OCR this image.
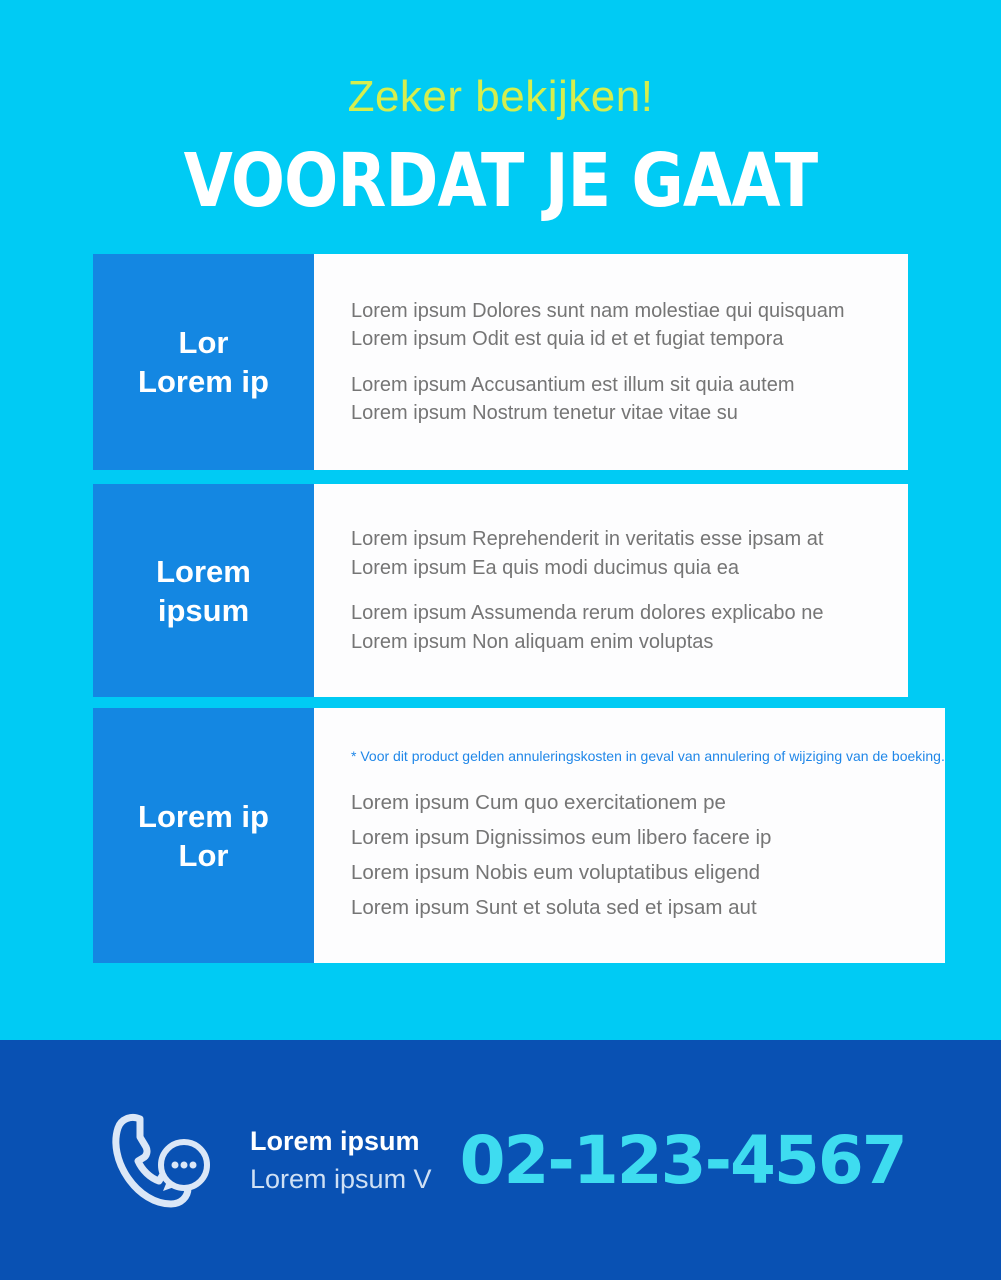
Zeker bekijken!
VOORDAT JE GAAT
Lor
Lorem ip

Lorem ipsum Dolores sunt nam molestiae qui quisquam

Lorem ipsum Odit est quia id et et fugiat tempora

Lorem ipsum Accusantium est illum sit quia autem

Lorem ipsum Nostrum tenetur vitae vitae su

Lorem
ipsum

Lorem ipsum Reprehenderit in veritatis esse ipsam at

Lorem ipsum Ea quis modi ducimus quia ea

Lorem ipsum Assumenda rerum dolores explicabo ne

Lorem ipsum Non aliquam enim voluptas

Lorem ip
Lor

* Voor dit product gelden annuleringskosten in geval van annulering of wijziging van de boeking.

Lorem ipsum Cum quo exercitationem pe

Lorem ipsum Dignissimos eum libero facere ip

Lorem ipsum Nobis eum voluptatibus eligend

Lorem ipsum Sunt et soluta sed et ipsam aut

Lorem ipsum
Lorem ipsum V 02-123-4567
